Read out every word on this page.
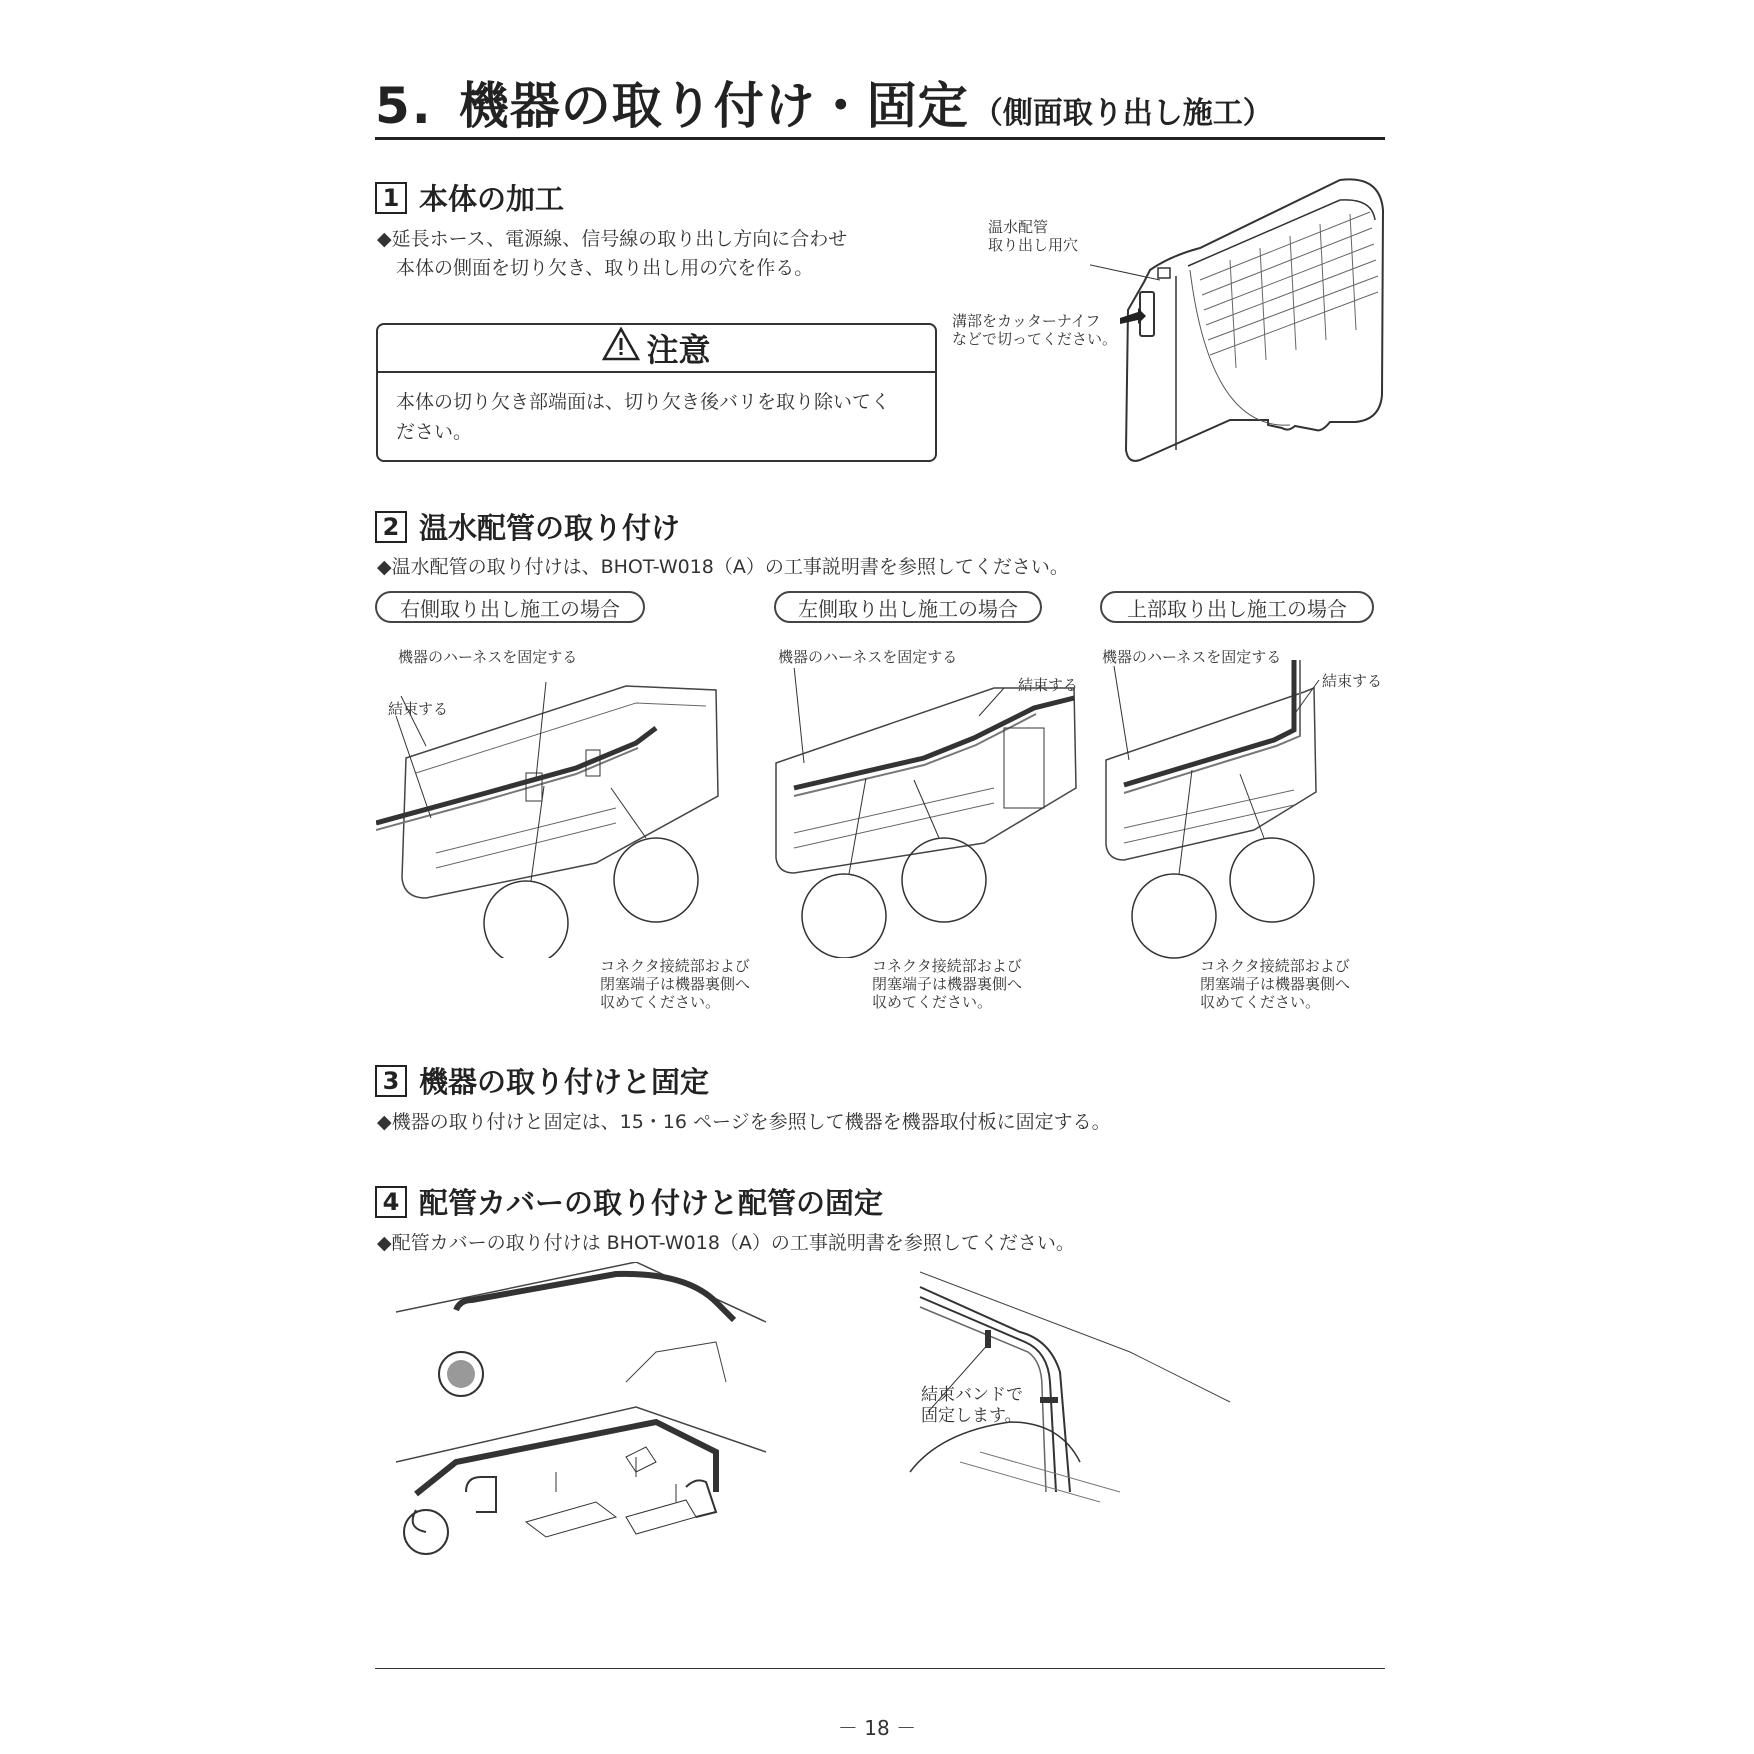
5. 機器の取り付け・固定 （側面取り出し施工）
1 本体の加工
◆延長ホース、電源線、信号線の取り出し方向に合わせ
本体の側面を切り欠き、取り出し用の穴を作る。
注意
本体の切り欠き部端面は、切り欠き後バリを取り除いてく
ださい。
温水配管
取り出し用穴
溝部をカッターナイフ
などで切ってください。
2 温水配管の取り付け
◆温水配管の取り付けは、BHOT-W018（A）の工事説明書を参照してください。
右側取り出し施工の場合	左側取り出し施工の場合	上部取り出し施工の場合
機器のハーネスを固定する
結束する
コネクタ接続部および
閉塞端子は機器裏側へ
収めてください。
機器のハーネスを固定する
結束する
コネクタ接続部および
閉塞端子は機器裏側へ
収めてください。
機器のハーネスを固定する
結束する
コネクタ接続部および
閉塞端子は機器裏側へ
収めてください。
3 機器の取り付けと固定
◆機器の取り付けと固定は、15・16 ページを参照して機器を機器取付板に固定する。
4 配管カバーの取り付けと配管の固定
◆配管カバーの取り付けは BHOT-W018（A）の工事説明書を参照してください。
結束バンドで
固定します。
－ 18 －
